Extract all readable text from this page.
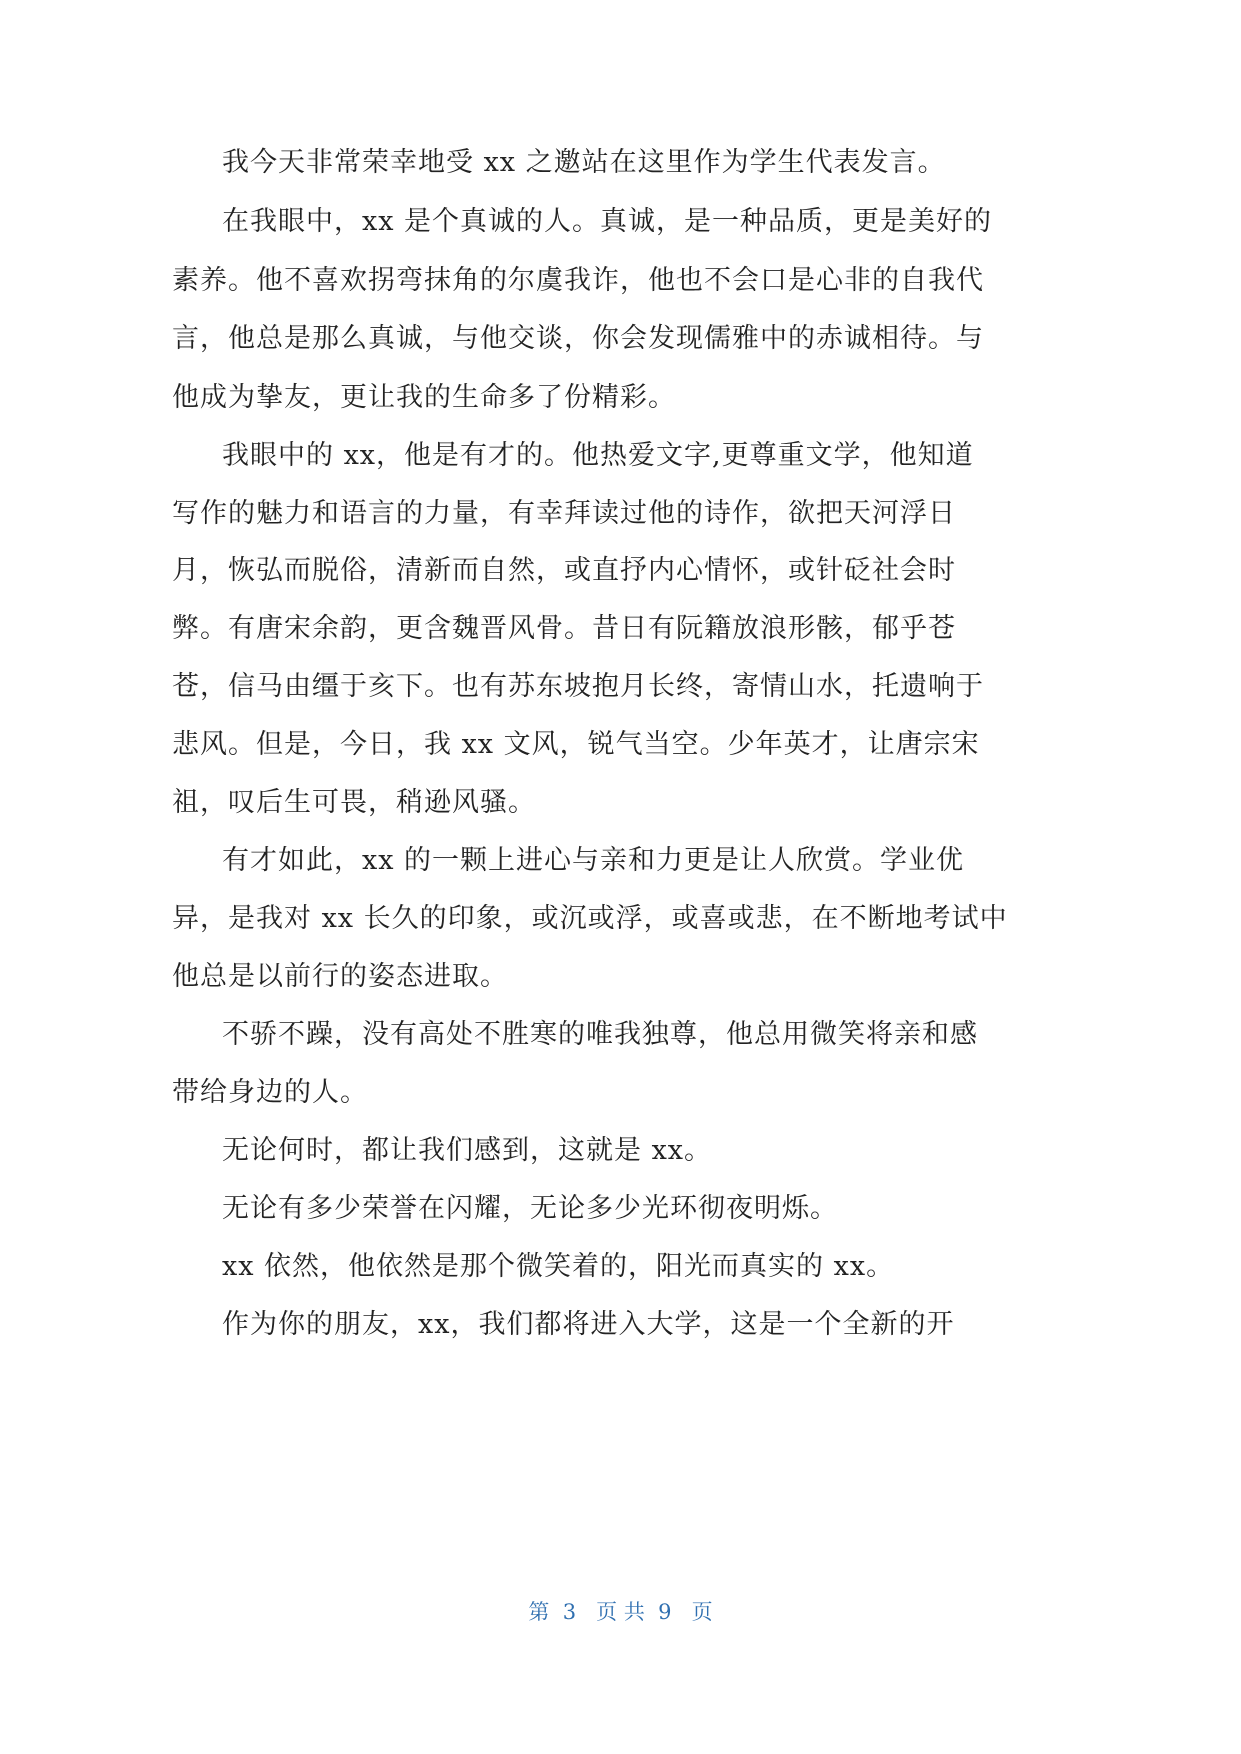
我今天非常荣幸地受 xx 之邀站在这里作为学生代表发言。
在我眼中，xx 是个真诚的人。真诚，是一种品质，更是美好的
素养。他不喜欢拐弯抹角的尔虞我诈，他也不会口是心非的自我代
言，他总是那么真诚，与他交谈，你会发现儒雅中的赤诚相待。与
他成为挚友，更让我的生命多了份精彩。
我眼中的 xx，他是有才的。他热爱文字,更尊重文学，他知道
写作的魅力和语言的力量，有幸拜读过他的诗作，欲把天河浮日
月，恢弘而脱俗，清新而自然，或直抒内心情怀，或针砭社会时
弊。有唐宋余韵，更含魏晋风骨。昔日有阮籍放浪形骸，郁乎苍
苍，信马由缰于亥下。也有苏东坡抱月长终，寄情山水，托遗响于
悲风。但是，今日，我 xx 文风，锐气当空。少年英才，让唐宗宋
祖，叹后生可畏，稍逊风骚。
有才如此，xx 的一颗上进心与亲和力更是让人欣赏。学业优
异，是我对 xx 长久的印象，或沉或浮，或喜或悲，在不断地考试中
他总是以前行的姿态进取。
不骄不躁，没有高处不胜寒的唯我独尊，他总用微笑将亲和感
带给身边的人。
无论何时，都让我们感到，这就是 xx。
无论有多少荣誉在闪耀，无论多少光环彻夜明烁。
xx 依然，他依然是那个微笑着的，阳光而真实的 xx。
作为你的朋友，xx，我们都将进入大学，这是一个全新的开
第  3   页 共  9   页
